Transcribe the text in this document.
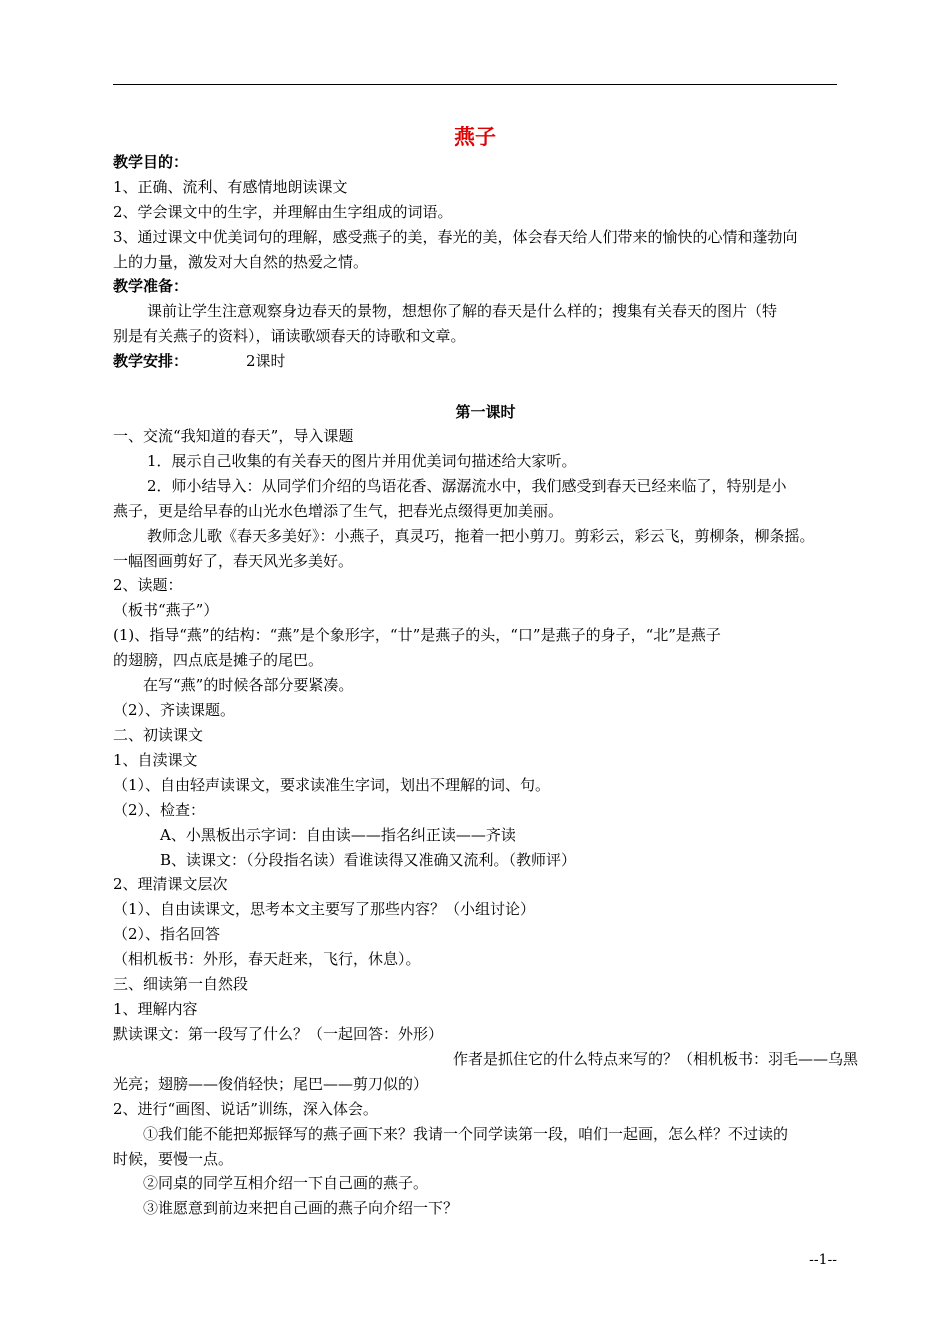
燕子
教学目的：
1、正确、流利、有感情地朗读课文
2、学会课文中的生字，并理解由生字组成的词语。
3、通过课文中优美词句的理解，感受燕子的美，春光的美，体会春天给人们带来的愉快的心情和蓬勃向
上的力量，激发对大自然的热爱之情。
教学准备：
课前让学生注意观察身边春天的景物，想想你了解的春天是什么样的；搜集有关春天的图片（特
别是有关燕子的资料），诵读歌颂春天的诗歌和文章。
教学安排：	2课时
第一课时
一、交流“我知道的春天”，导入课题
1．展示自己收集的有关春天的图片并用优美词句描述给大家听。
2．师小结导入：从同学们介绍的鸟语花香、潺潺流水中，我们感受到春天已经来临了，特别是小
燕子，更是给早春的山光水色增添了生气，把春光点缀得更加美丽。
教师念儿歌《春天多美好》：小燕子，真灵巧，拖着一把小剪刀。剪彩云，彩云飞，剪柳条，柳条摇。
一幅图画剪好了，春天风光多美好。
2、读题：
（板书“燕子”）
(1)、指导“燕”的结构：“燕”是个象形字，“廿”是燕子的头，“口”是燕子的身子，“北”是燕子
的翅膀，四点底是摊子的尾巴。
在写“燕”的时候各部分要紧凑。
（2）、齐读课题。
二、初读课文
1、自渎课文
（1）、自由轻声读课文，要求读准生字词，划出不理解的词、句。
（2）、检查：
A、小黑板出示字词：自由读——指名纠正读——齐读
B、读课文：（分段指名读）看谁读得又准确又流利。（教师评）
2、理清课文层次
（1）、自由读课文，思考本文主要写了那些内容？（小组讨论）
（2）、指名回答
（相机板书：外形，春天赶来，飞行，休息）。
三、细读第一自然段
1、理解内容
默读课文：第一段写了什么？（一起回答：外形）
作者是抓住它的什么特点来写的？（相机板书：羽毛——乌黑
光亮；翅膀——俊俏轻快；尾巴——剪刀似的）
2、进行“画图、说话”训练，深入体会。
①我们能不能把郑振铎写的燕子画下来？我请一个同学读第一段，咱们一起画，怎么样？不过读的
时候，要慢一点。
②同桌的同学互相介绍一下自己画的燕子。
③谁愿意到前边来把自己画的燕子向介绍一下？
--1--
